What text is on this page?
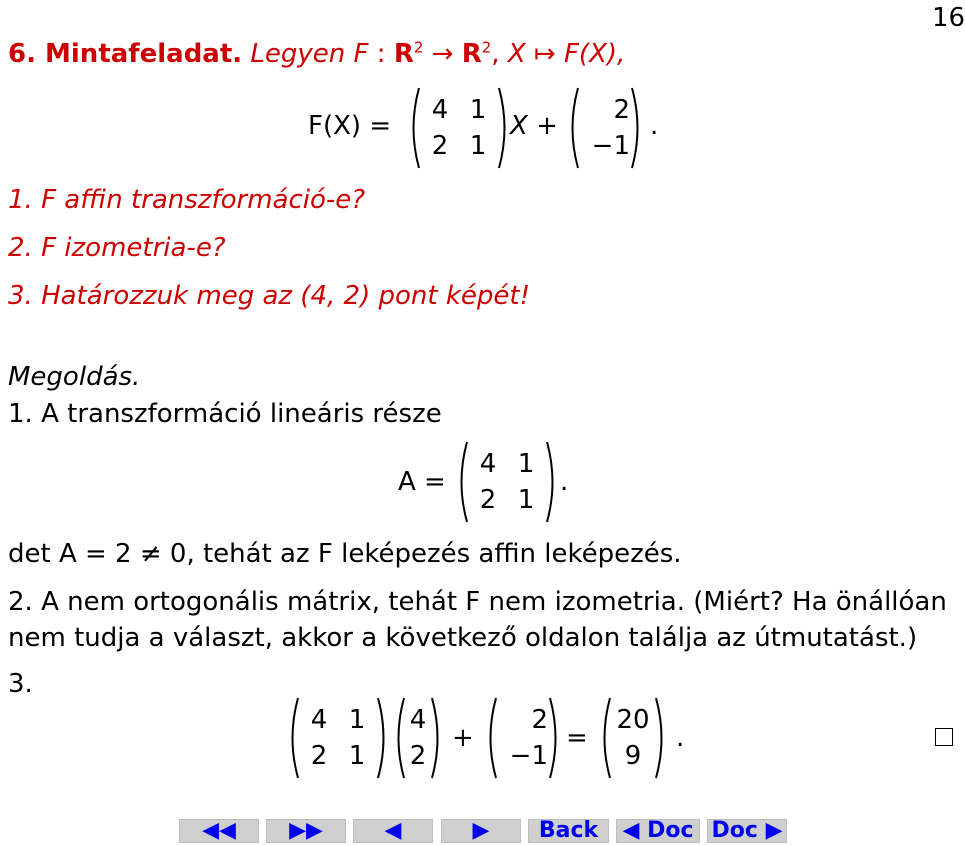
16
6. Mintafeladat. Legyen F : $R^2 \to R^2$, X ↦ F(X),
F(X) =
4 1
2 1
X +
2
−1
.
1. F affin transzformáció-e?
2. F izometria-e?
3. Határozzuk meg az (4, 2) pont képét!
Megoldás.
1. A transzformáció lineáris része
A =
4 1
2 1
.
det A = 2 ≠ 0, tehát az F leképezés affin leképezés.
2. A nem ortogonális mátrix, tehát F nem izometria. (Miért? Ha önállóan
nem tudja a választ, akkor a következő oldalon találja az útmutatást.)
3.
4 1
2 1
4
2
+
2
−1
=
20
9
.
◀◀	▶▶	◀	▶	Back	◀ Doc Doc ▶
